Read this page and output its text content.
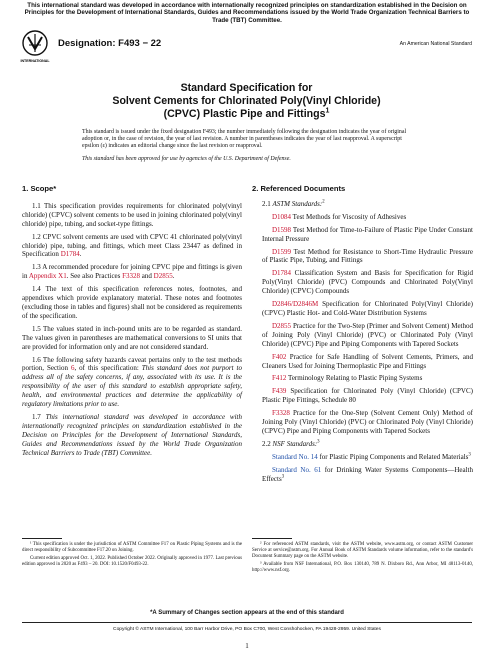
This international standard was developed in accordance with internationally recognized principles on standardization established in the Decision on Principles for the Development of International Standards, Guides and Recommendations issued by the World Trade Organization Technical Barriers to Trade (TBT) Committee.
INTERNATIONAL
Designation: F493 − 22	An American National Standard
Standard Specification for
Solvent Cements for Chlorinated Poly(Vinyl Chloride)
(CPVC) Plastic Pipe and Fittings$^1$
This standard is issued under the fixed designation F493; the number immediately following the designation indicates the year of original adoption or, in the case of revision, the year of last revision. A number in parentheses indicates the year of last reapproval. A superscript epsilon (ε) indicates an editorial change since the last revision or reapproval.
This standard has been approved for use by agencies of the U.S. Department of Defense.
1. Scope*

1.1 This specification provides requirements for chlorinated poly(vinyl chloride) (CPVC) solvent cements to be used in joining chlorinated poly(vinyl chloride) pipe, tubing, and socket-type fittings.

1.2 CPVC solvent cements are used with CPVC 41 chlorinated poly(vinyl chloride) pipe, tubing, and fittings, which meet Class 23447 as defined in Specification D1784.

1.3 A recommended procedure for joining CPVC pipe and fittings is given in Appendix X1. See also Practices F3328 and D2855.

1.4 The text of this specification references notes, footnotes, and appendixes which provide explanatory material. These notes and footnotes (excluding those in tables and figures) shall not be considered as requirements of the specification.

1.5 The values stated in inch-pound units are to be regarded as standard. The values given in parentheses are mathematical conversions to SI units that are provided for information only and are not considered standard.

1.6 The following safety hazards caveat pertains only to the test methods portion, Section 6, of this specification: This standard does not purport to address all of the safety concerns, if any, associated with its use. It is the responsibility of the user of this standard to establish appropriate safety, health, and environmental practices and determine the applicability of regulatory limitations prior to use.

1.7 This international standard was developed in accordance with internationally recognized principles on standardization established in the Decision on Principles for the Development of International Standards, Guides and Recommendations issued by the World Trade Organization Technical Barriers to Trade (TBT) Committee.

2. Referenced Documents

2.1 ASTM Standards:$^2$

D1084 Test Methods for Viscosity of Adhesives

D1598 Test Method for Time-to-Failure of Plastic Pipe Under Constant Internal Pressure

D1599 Test Method for Resistance to Short-Time Hydraulic Pressure of Plastic Pipe, Tubing, and Fittings

D1784 Classification System and Basis for Specification for Rigid Poly(Vinyl Chloride) (PVC) Compounds and Chlorinated Poly(Vinyl Chloride) (CPVC) Compounds

D2846/D2846M Specification for Chlorinated Poly(Vinyl Chloride) (CPVC) Plastic Hot- and Cold-Water Distribution Systems

D2855 Practice for the Two-Step (Primer and Solvent Cement) Method of Joining Poly (Vinyl Chloride) (PVC) or Chlorinated Poly (Vinyl Chloride) (CPVC) Pipe and Piping Components with Tapered Sockets

F402 Practice for Safe Handling of Solvent Cements, Primers, and Cleaners Used for Joining Thermoplastic Pipe and Fittings

F412 Terminology Relating to Plastic Piping Systems

F439 Specification for Chlorinated Poly (Vinyl Chloride) (CPVC) Plastic Pipe Fittings, Schedule 80

F3328 Practice for the One-Step (Solvent Cement Only) Method of Joining Poly (Vinyl Chloride) (PVC) or Chlorinated Poly (Vinyl Chloride) (CPVC) Pipe and Piping Components with Tapered Sockets

2.2 NSF Standards:$^3$

Standard No. 14 for Plastic Piping Components and Related Materials$^3$

Standard No. 61 for Drinking Water Systems Components—Health Effects$^3$

¹ This specification is under the jurisdiction of ASTM Committee F17 on Plastic Piping Systems and is the direct responsibility of Subcommittee F17.20 on Joining.

Current edition approved Oct. 1, 2022. Published October 2022. Originally approved in 1977. Last previous edition approved in 2020 as F493 – 20. DOI: 10.1520/F0493-22.

² For referenced ASTM standards, visit the ASTM website, www.astm.org, or contact ASTM Customer Service at service@astm.org. For Annual Book of ASTM Standards volume information, refer to the standard's Document Summary page on the ASTM website.

³ Available from NSF International, P.O. Box 130140, 789 N. Dixboro Rd., Ann Arbor, MI 48113-0140, http://www.nsf.org.

*A Summary of Changes section appears at the end of this standard
Copyright © ASTM International, 100 Barr Harbor Drive, PO Box C700, West Conshohocken, PA 19428-2959. United States
1
